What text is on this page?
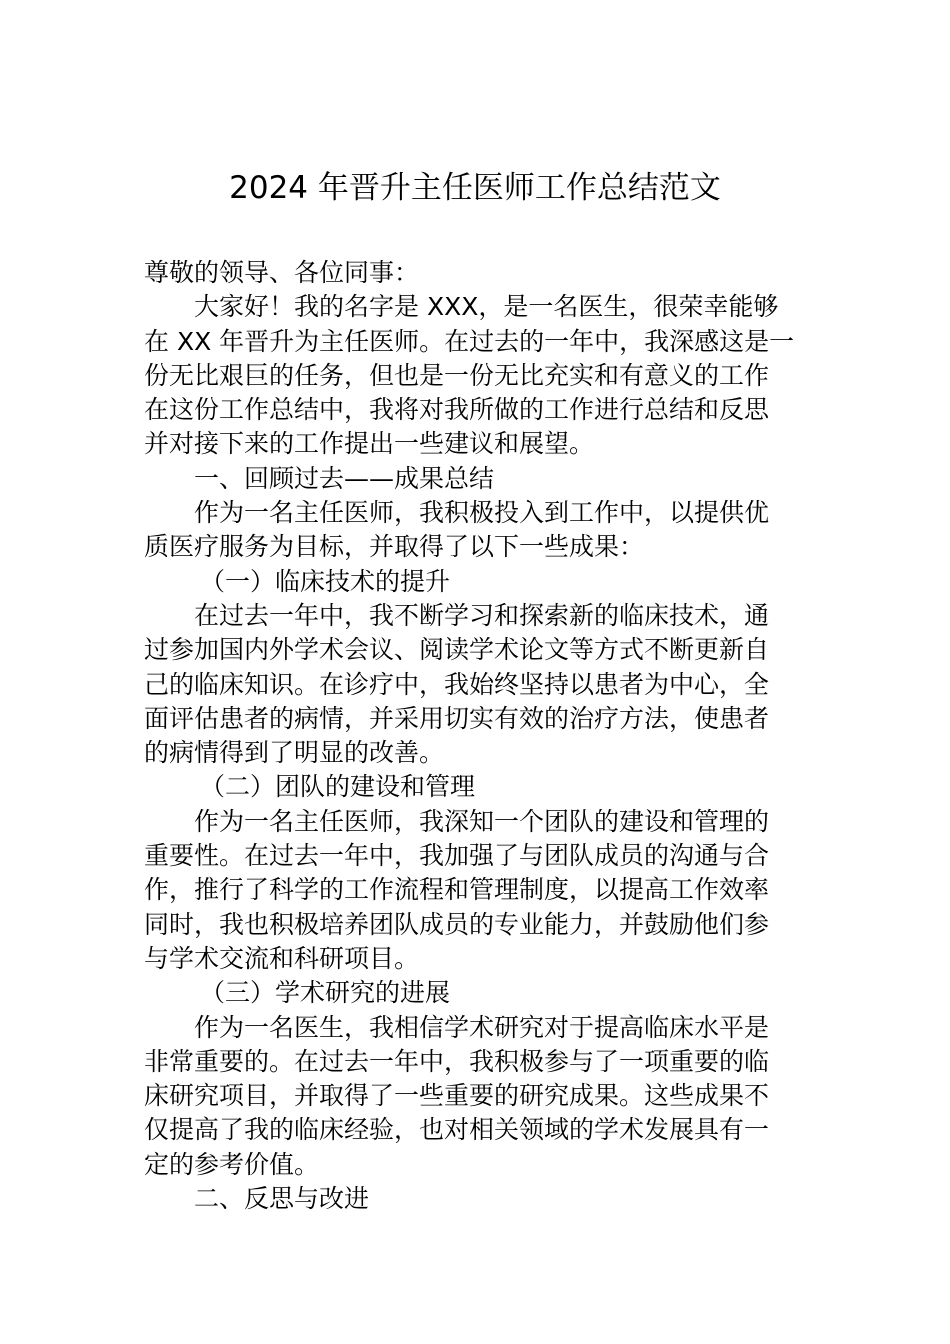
2024 年晋升主任医师工作总结范文
尊敬的领导、各位同事：
大家好！我的名字是 XXX，是一名医生，很荣幸能够
在 XX 年晋升为主任医师。在过去的一年中，我深感这是一
份无比艰巨的任务，但也是一份无比充实和有意义的工作
在这份工作总结中，我将对我所做的工作进行总结和反思
并对接下来的工作提出一些建议和展望。
一、回顾过去——成果总结
作为一名主任医师，我积极投入到工作中，以提供优
质医疗服务为目标，并取得了以下一些成果：
（一）临床技术的提升
在过去一年中，我不断学习和探索新的临床技术，通
过参加国内外学术会议、阅读学术论文等方式不断更新自
己的临床知识。在诊疗中，我始终坚持以患者为中心，全
面评估患者的病情，并采用切实有效的治疗方法，使患者
的病情得到了明显的改善。
（二）团队的建设和管理
作为一名主任医师，我深知一个团队的建设和管理的
重要性。在过去一年中，我加强了与团队成员的沟通与合
作，推行了科学的工作流程和管理制度，以提高工作效率
同时，我也积极培养团队成员的专业能力，并鼓励他们参
与学术交流和科研项目。
（三）学术研究的进展
作为一名医生，我相信学术研究对于提高临床水平是
非常重要的。在过去一年中，我积极参与了一项重要的临
床研究项目，并取得了一些重要的研究成果。这些成果不
仅提高了我的临床经验，也对相关领域的学术发展具有一
定的参考价值。
二、反思与改进
